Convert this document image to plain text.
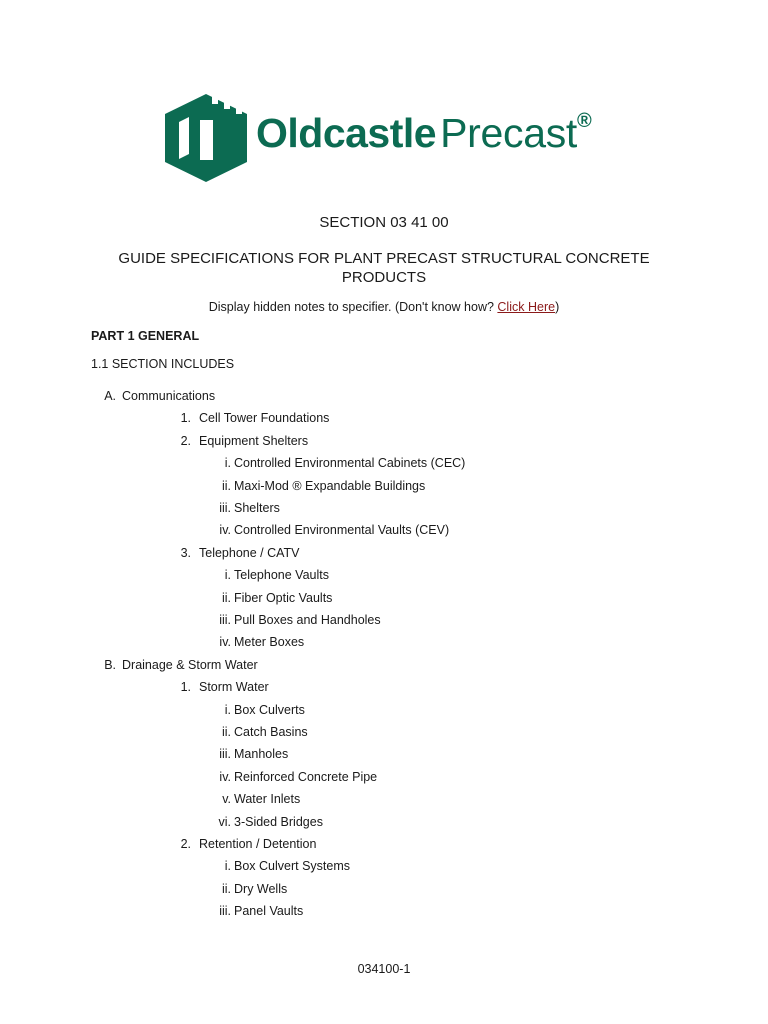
OldcastlePrecast®
SECTION 03 41 00
GUIDE SPECIFICATIONS FOR PLANT PRECAST STRUCTURAL CONCRETE PRODUCTS
Display hidden notes to specifier. (Don't know how? Click Here)
PART 1 GENERAL
1.1 SECTION INCLUDES
A. Communications
1. Cell Tower Foundations
2. Equipment Shelters
i. Controlled Environmental Cabinets (CEC)
ii. Maxi-Mod ® Expandable Buildings
iii. Shelters
iv. Controlled Environmental Vaults (CEV)
3. Telephone / CATV
i. Telephone Vaults
ii. Fiber Optic Vaults
iii. Pull Boxes and Handholes
iv. Meter Boxes
B. Drainage & Storm Water
1. Storm Water
i. Box Culverts
ii. Catch Basins
iii. Manholes
iv. Reinforced Concrete Pipe
v. Water Inlets
vi. 3-Sided Bridges
2. Retention / Detention
i. Box Culvert Systems
ii. Dry Wells
iii. Panel Vaults
034100-1
